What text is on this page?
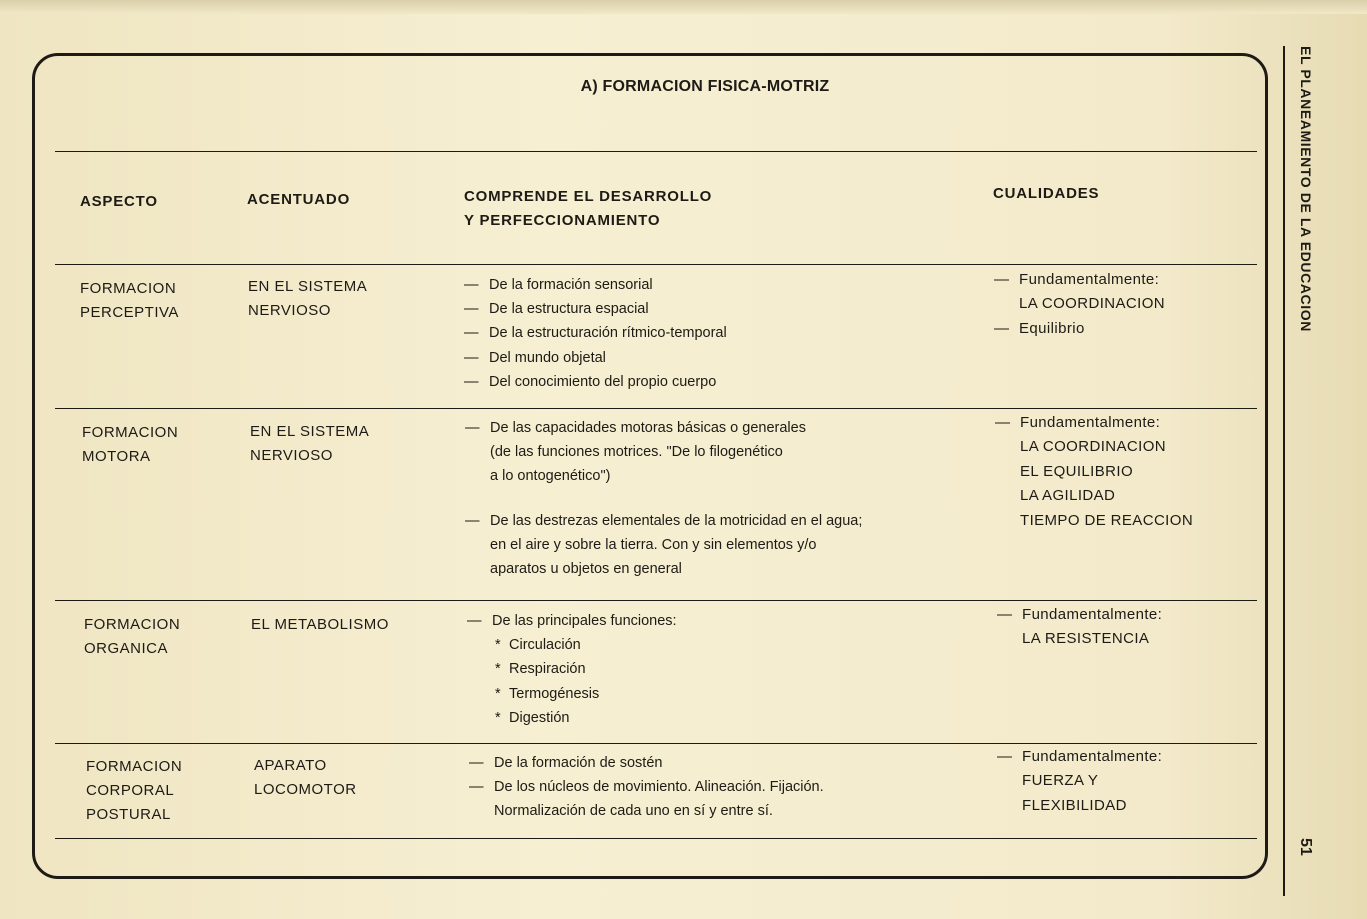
A) FORMACION FISICA-MOTRIZ
ASPECTO	ACENTUADO	COMPRENDE EL DESARROLLO
Y PERFECCIONAMIENTO
CUALIDADES
FORMACION
PERCEPTIVA
EN EL SISTEMA
NERVIOSO
— De la formación sensorial
— De la estructura espacial
— De la estructuración rítmico-temporal
— Del mundo objetal
— Del conocimiento del propio cuerpo
— Fundamentalmente:
LA COORDINACION
— Equilibrio
FORMACION
MOTORA
EN EL SISTEMA
NERVIOSO
— De las capacidades motoras básicas o generales
(de las funciones motrices. "De lo filogenético
a lo ontogenético")
— De las destrezas elementales de la motricidad en el agua;
en el aire y sobre la tierra. Con y sin elementos y/o
aparatos u objetos en general
— Fundamentalmente:
LA COORDINACION
EL EQUILIBRIO
LA AGILIDAD
TIEMPO DE REACCION
FORMACION
ORGANICA
EL METABOLISMO
—	De las principales funciones:
* Circulación
* Respiración
* Termogénesis
* Digestión
— Fundamentalmente:
LA RESISTENCIA
FORMACION
CORPORAL
POSTURAL
APARATO
LOCOMOTOR
— De la formación de sostén
— De los núcleos de movimiento. Alineación. Fijación.
Normalización de cada uno en sí y entre sí.
— Fundamentalmente:
FUERZA Y
FLEXIBILIDAD
EL PLANEAMIENTO DE LA EDUCACION
51
